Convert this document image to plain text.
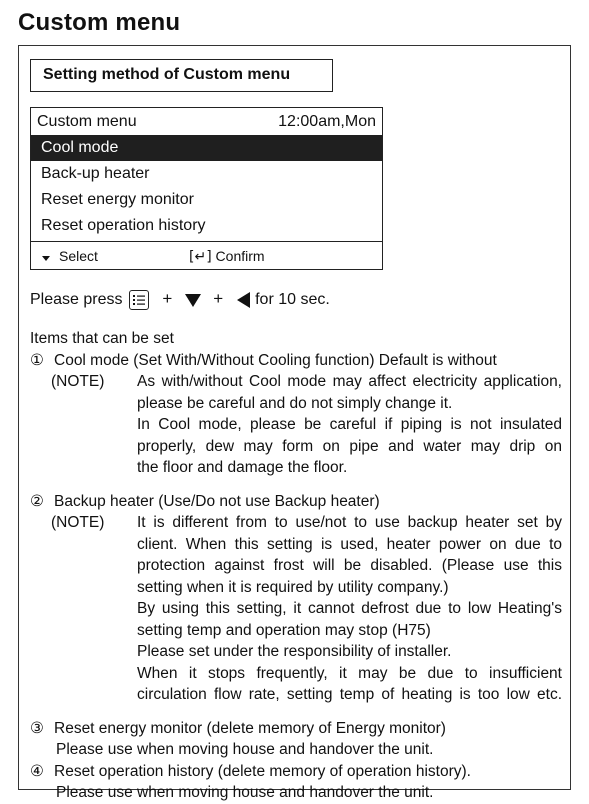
Custom menu
Setting method of Custom menu
Custom menu	12:00am,Mon
Cool mode
Back-up heater
Reset energy monitor
Reset operation history
Select	[↵] Confirm
Please press + + for 10 sec.
Items that can be set
① Cool mode (Set With/Without Cooling function) Default is without
(NOTE) As with/without Cool mode may affect electricity application,
please be careful and do not simply change it.
In Cool mode, please be careful if piping is not insulated
properly, dew may form on pipe and water may drip on
the floor and damage the floor.
② Backup heater (Use/Do not use Backup heater)
(NOTE) It is different from to use/not to use backup heater set by
client. When this setting is used, heater power on due to
protection against frost will be disabled. (Please use this
setting when it is required by utility company.)
By using this setting, it cannot defrost due to low Heating's
setting temp and operation may stop (H75)
Please set under the responsibility of installer.
When it stops frequently, it may be due to insufficient
circulation flow rate, setting temp of heating is too low etc.
③ Reset energy monitor (delete memory of Energy monitor)
Please use when moving house and handover the unit.
④ Reset operation history (delete memory of operation history).
Please use when moving house and handover the unit.
